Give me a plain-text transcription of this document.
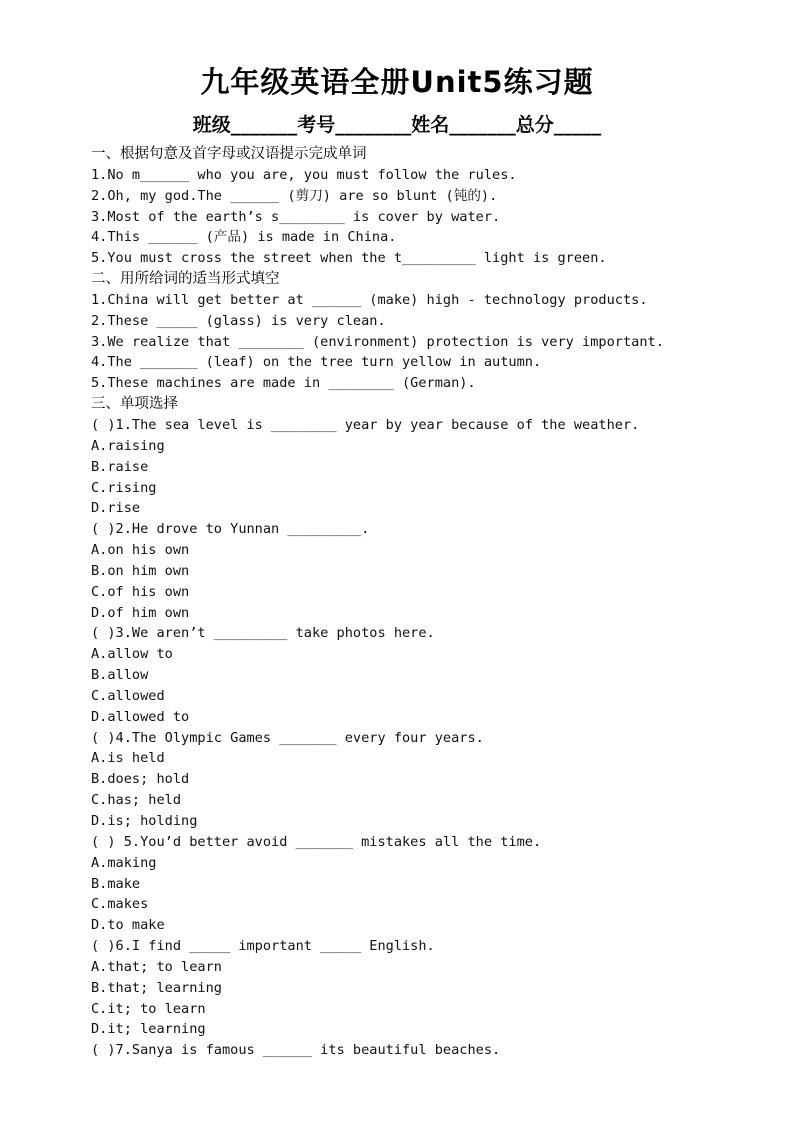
九年级英语全册Unit5练习题
班级_______考号________姓名_______总分_____
一、根据句意及首字母或汉语提示完成单词
1.No m______ who you are, you must follow the rules.
2.Oh, my god.The ______ (剪刀) are so blunt (钝的).
3.Most of the earth’s s________ is cover by water.
4.This ______ (产品) is made in China.
5.You must cross the street when the t_________ light is green.
二、用所给词的适当形式填空
1.China will get better at ______ (make) high - technology products.
2.These _____ (glass) is very clean.
3.We realize that ________ (environment) protection is very important.
4.The _______ (leaf) on the tree turn yellow in autumn.
5.These machines are made in ________ (German).
三、单项选择
( )1.The sea level is ________ year by year because of the weather.
A.raising
B.raise
C.rising
D.rise
( )2.He drove to Yunnan _________.
A.on his own
B.on him own
C.of his own
D.of him own
( )3.We aren’t _________ take photos here.
A.allow to
B.allow
C.allowed
D.allowed to
( )4.The Olympic Games _______ every four years.
A.is held
B.does; hold
C.has; held
D.is; holding
( ) 5.You’d better avoid _______ mistakes all the time.
A.making
B.make
C.makes
D.to make
( )6.I find _____ important _____ English.
A.that; to learn
B.that; learning
C.it; to learn
D.it; learning
( )7.Sanya is famous ______ its beautiful beaches.
